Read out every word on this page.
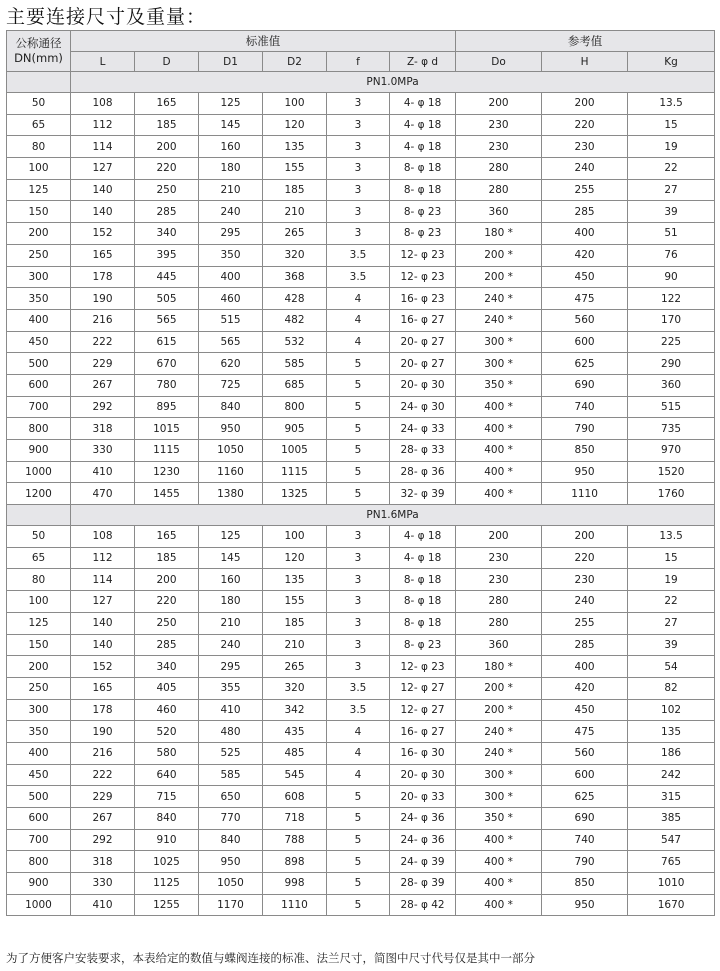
主要连接尺寸及重量：
公称通径
DN(mm)	标准值						参考值		
	L	D	D1	D2	f	Z- φ d	Do	H	Kg
	PN1.0MPa								
50	108	165	125	100	3	4- φ 18	200	200	13.5
65	112	185	145	120	3	4- φ 18	230	220	15
80	114	200	160	135	3	4- φ 18	230	230	19
100	127	220	180	155	3	8- φ 18	280	240	22
125	140	250	210	185	3	8- φ 18	280	255	27
150	140	285	240	210	3	8- φ 23	360	285	39
200	152	340	295	265	3	8- φ 23	180 *	400	51
250	165	395	350	320	3.5	12- φ 23	200 *	420	76
300	178	445	400	368	3.5	12- φ 23	200 *	450	90
350	190	505	460	428	4	16- φ 23	240 *	475	122
400	216	565	515	482	4	16- φ 27	240 *	560	170
450	222	615	565	532	4	20- φ 27	300 *	600	225
500	229	670	620	585	5	20- φ 27	300 *	625	290
600	267	780	725	685	5	20- φ 30	350 *	690	360
700	292	895	840	800	5	24- φ 30	400 *	740	515
800	318	1015	950	905	5	24- φ 33	400 *	790	735
900	330	1115	1050	1005	5	28- φ 33	400 *	850	970
1000	410	1230	1160	1115	5	28- φ 36	400 *	950	1520
1200	470	1455	1380	1325	5	32- φ 39	400 *	1110	1760
	PN1.6MPa								
50	108	165	125	100	3	4- φ 18	200	200	13.5
65	112	185	145	120	3	4- φ 18	230	220	15
80	114	200	160	135	3	8- φ 18	230	230	19
100	127	220	180	155	3	8- φ 18	280	240	22
125	140	250	210	185	3	8- φ 18	280	255	27
150	140	285	240	210	3	8- φ 23	360	285	39
200	152	340	295	265	3	12- φ 23	180 *	400	54
250	165	405	355	320	3.5	12- φ 27	200 *	420	82
300	178	460	410	342	3.5	12- φ 27	200 *	450	102
350	190	520	480	435	4	16- φ 27	240 *	475	135
400	216	580	525	485	4	16- φ 30	240 *	560	186
450	222	640	585	545	4	20- φ 30	300 *	600	242
500	229	715	650	608	5	20- φ 33	300 *	625	315
600	267	840	770	718	5	24- φ 36	350 *	690	385
700	292	910	840	788	5	24- φ 36	400 *	740	547
800	318	1025	950	898	5	24- φ 39	400 *	790	765
900	330	1125	1050	998	5	28- φ 39	400 *	850	1010
1000	410	1255	1170	1110	5	28- φ 42	400 *	950	1670
为了方便客户安装要求，本表给定的数值与蝶阀连接的标准、法兰尺寸，简图中尺寸代号仅是其中一部分
